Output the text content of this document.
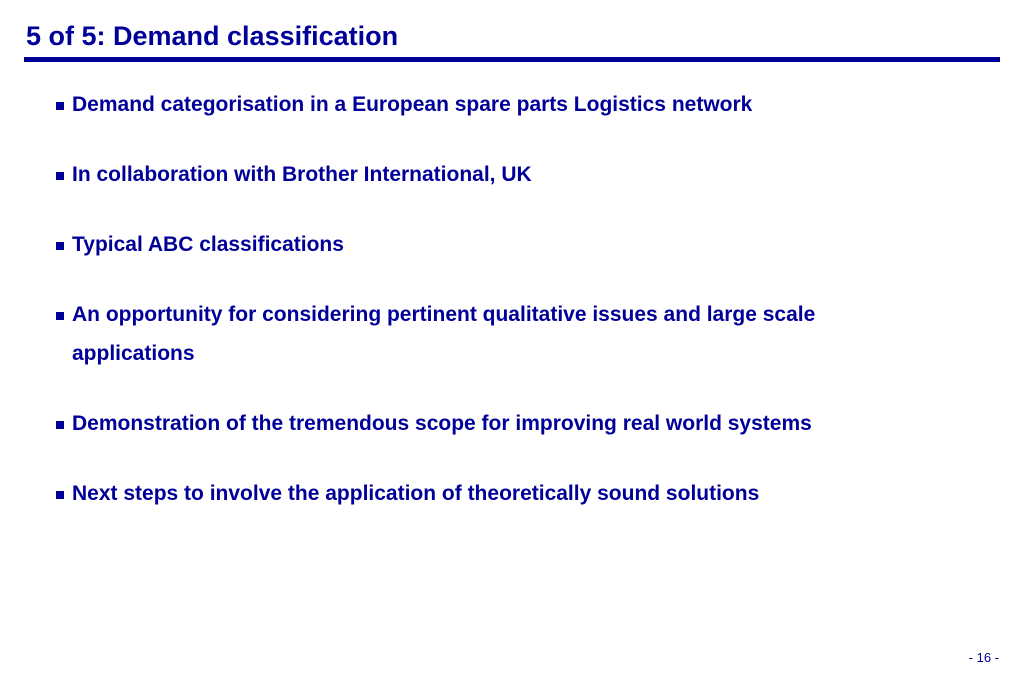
5 of 5: Demand classification
Demand categorisation in a European spare parts Logistics network
In collaboration with Brother International, UK
Typical ABC classifications
An opportunity for considering pertinent qualitative issues and large scale applications
Demonstration of the tremendous scope for improving real world systems
Next steps to involve the application of theoretically sound solutions
- 16 -
